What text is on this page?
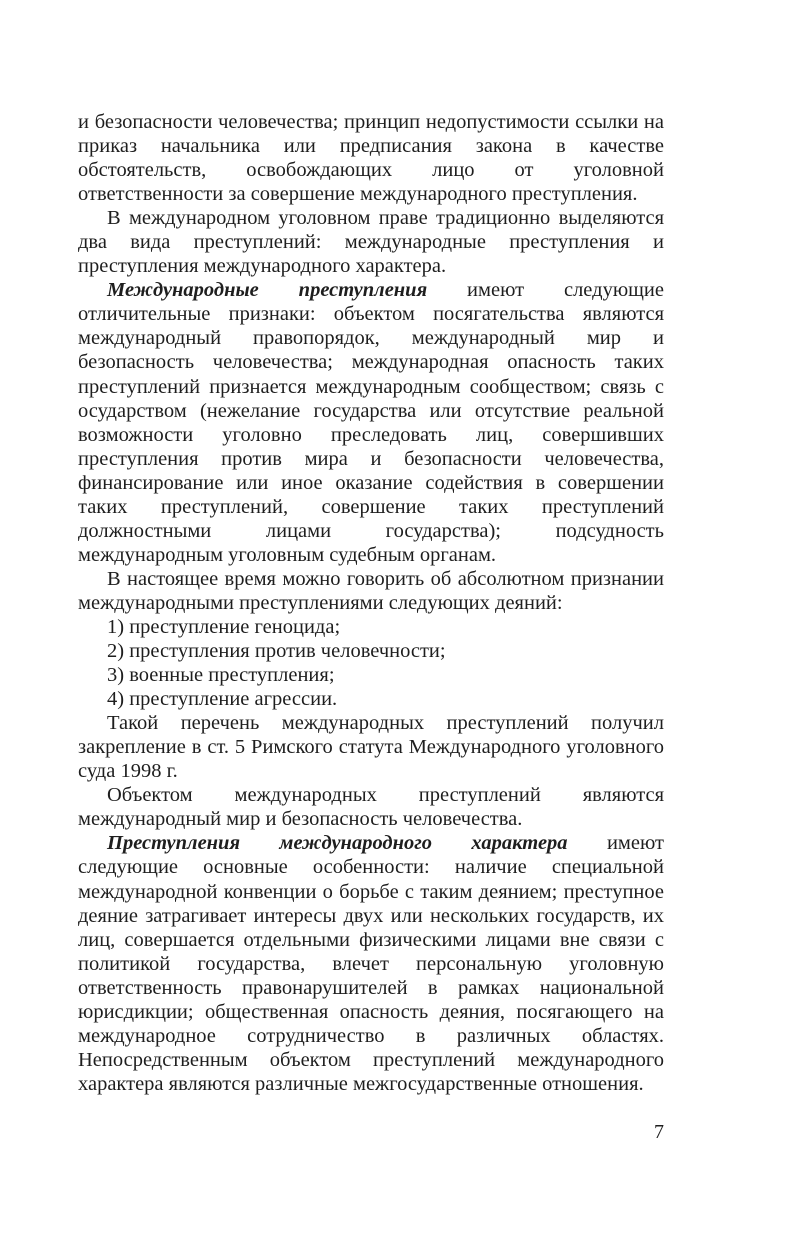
и безопасности человечества; принцип недопустимости ссылки на приказ начальника или предписания закона в качестве обстоятельств, освобождающих лицо от уголовной ответственности за совершение международного преступления.

В международном уголовном праве традиционно выделяются два вида преступлений: международные преступления и преступления международного характера.

Международные преступления имеют следующие отличительные признаки: объектом посягательства являются международный правопорядок, международный мир и безопасность человечества; международная опасность таких преступлений признается международным сообществом; связь с осударством (нежелание государства или отсутствие реальной возможности уголовно преследовать лиц, совершивших преступления против мира и безопасности человечества, финансирование или иное оказание содействия в совершении таких преступлений, совершение таких преступлений должностными лицами государства); подсудность международным уголовным судебным органам.

В настоящее время можно говорить об абсолютном признании международными преступлениями следующих деяний:

1) преступление геноцида;

2) преступления против человечности;

3) военные преступления;

4) преступление агрессии.

Такой перечень международных преступлений получил закрепление в ст. 5 Римского статута Международного уголовного суда 1998 г.

Объектом международных преступлений являются международный мир и безопасность человечества.

Преступления международного характера имеют следующие основные особенности: наличие специальной международной конвенции о борьбе с таким деянием; преступное деяние затрагивает интересы двух или нескольких государств, их лиц, совершается отдельными физическими лицами вне связи с политикой государства, влечет персональную уголовную ответственность правонарушителей в рамках национальной юрисдикции; общественная опасность деяния, посягающего на международное сотрудничество в различных областях. Непосредственным объектом преступлений международного характера являются различные межгосударственные отношения.

7
